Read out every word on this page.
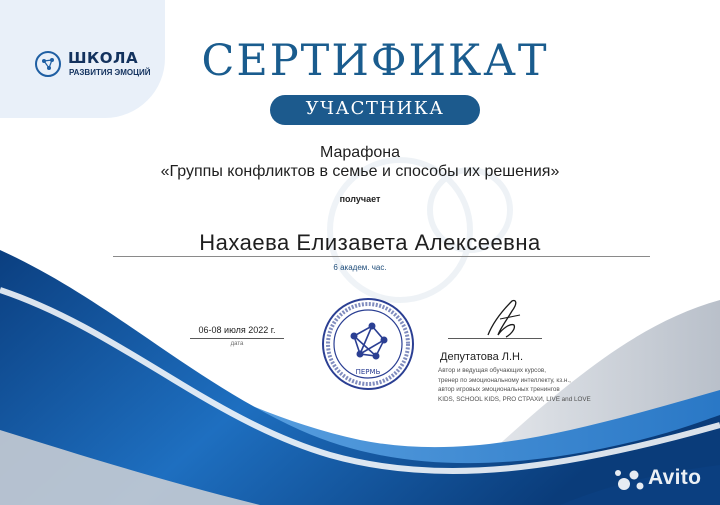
ШКОЛА
РАЗВИТИЯ ЭМОЦИЙ	СЕРТИФИКАТ
УЧАСТНИКА
Марафона
«Группы конфликтов в семье и способы их решения»
получает
Нахаева Елизавета Алексеевна
6 академ. час.
06-08 июля 2022 г.
дата
ПЕРМЬ
Депутатова Л.Н.
Автор и ведущая обучающих курсов,
тренер по эмоциональному интеллекту, кз.н.,
автор игровых эмоциональных тренингов
KIDS, SCHOOL KIDS, PRO СТРАХИ, LIVE and LOVE
Avito
